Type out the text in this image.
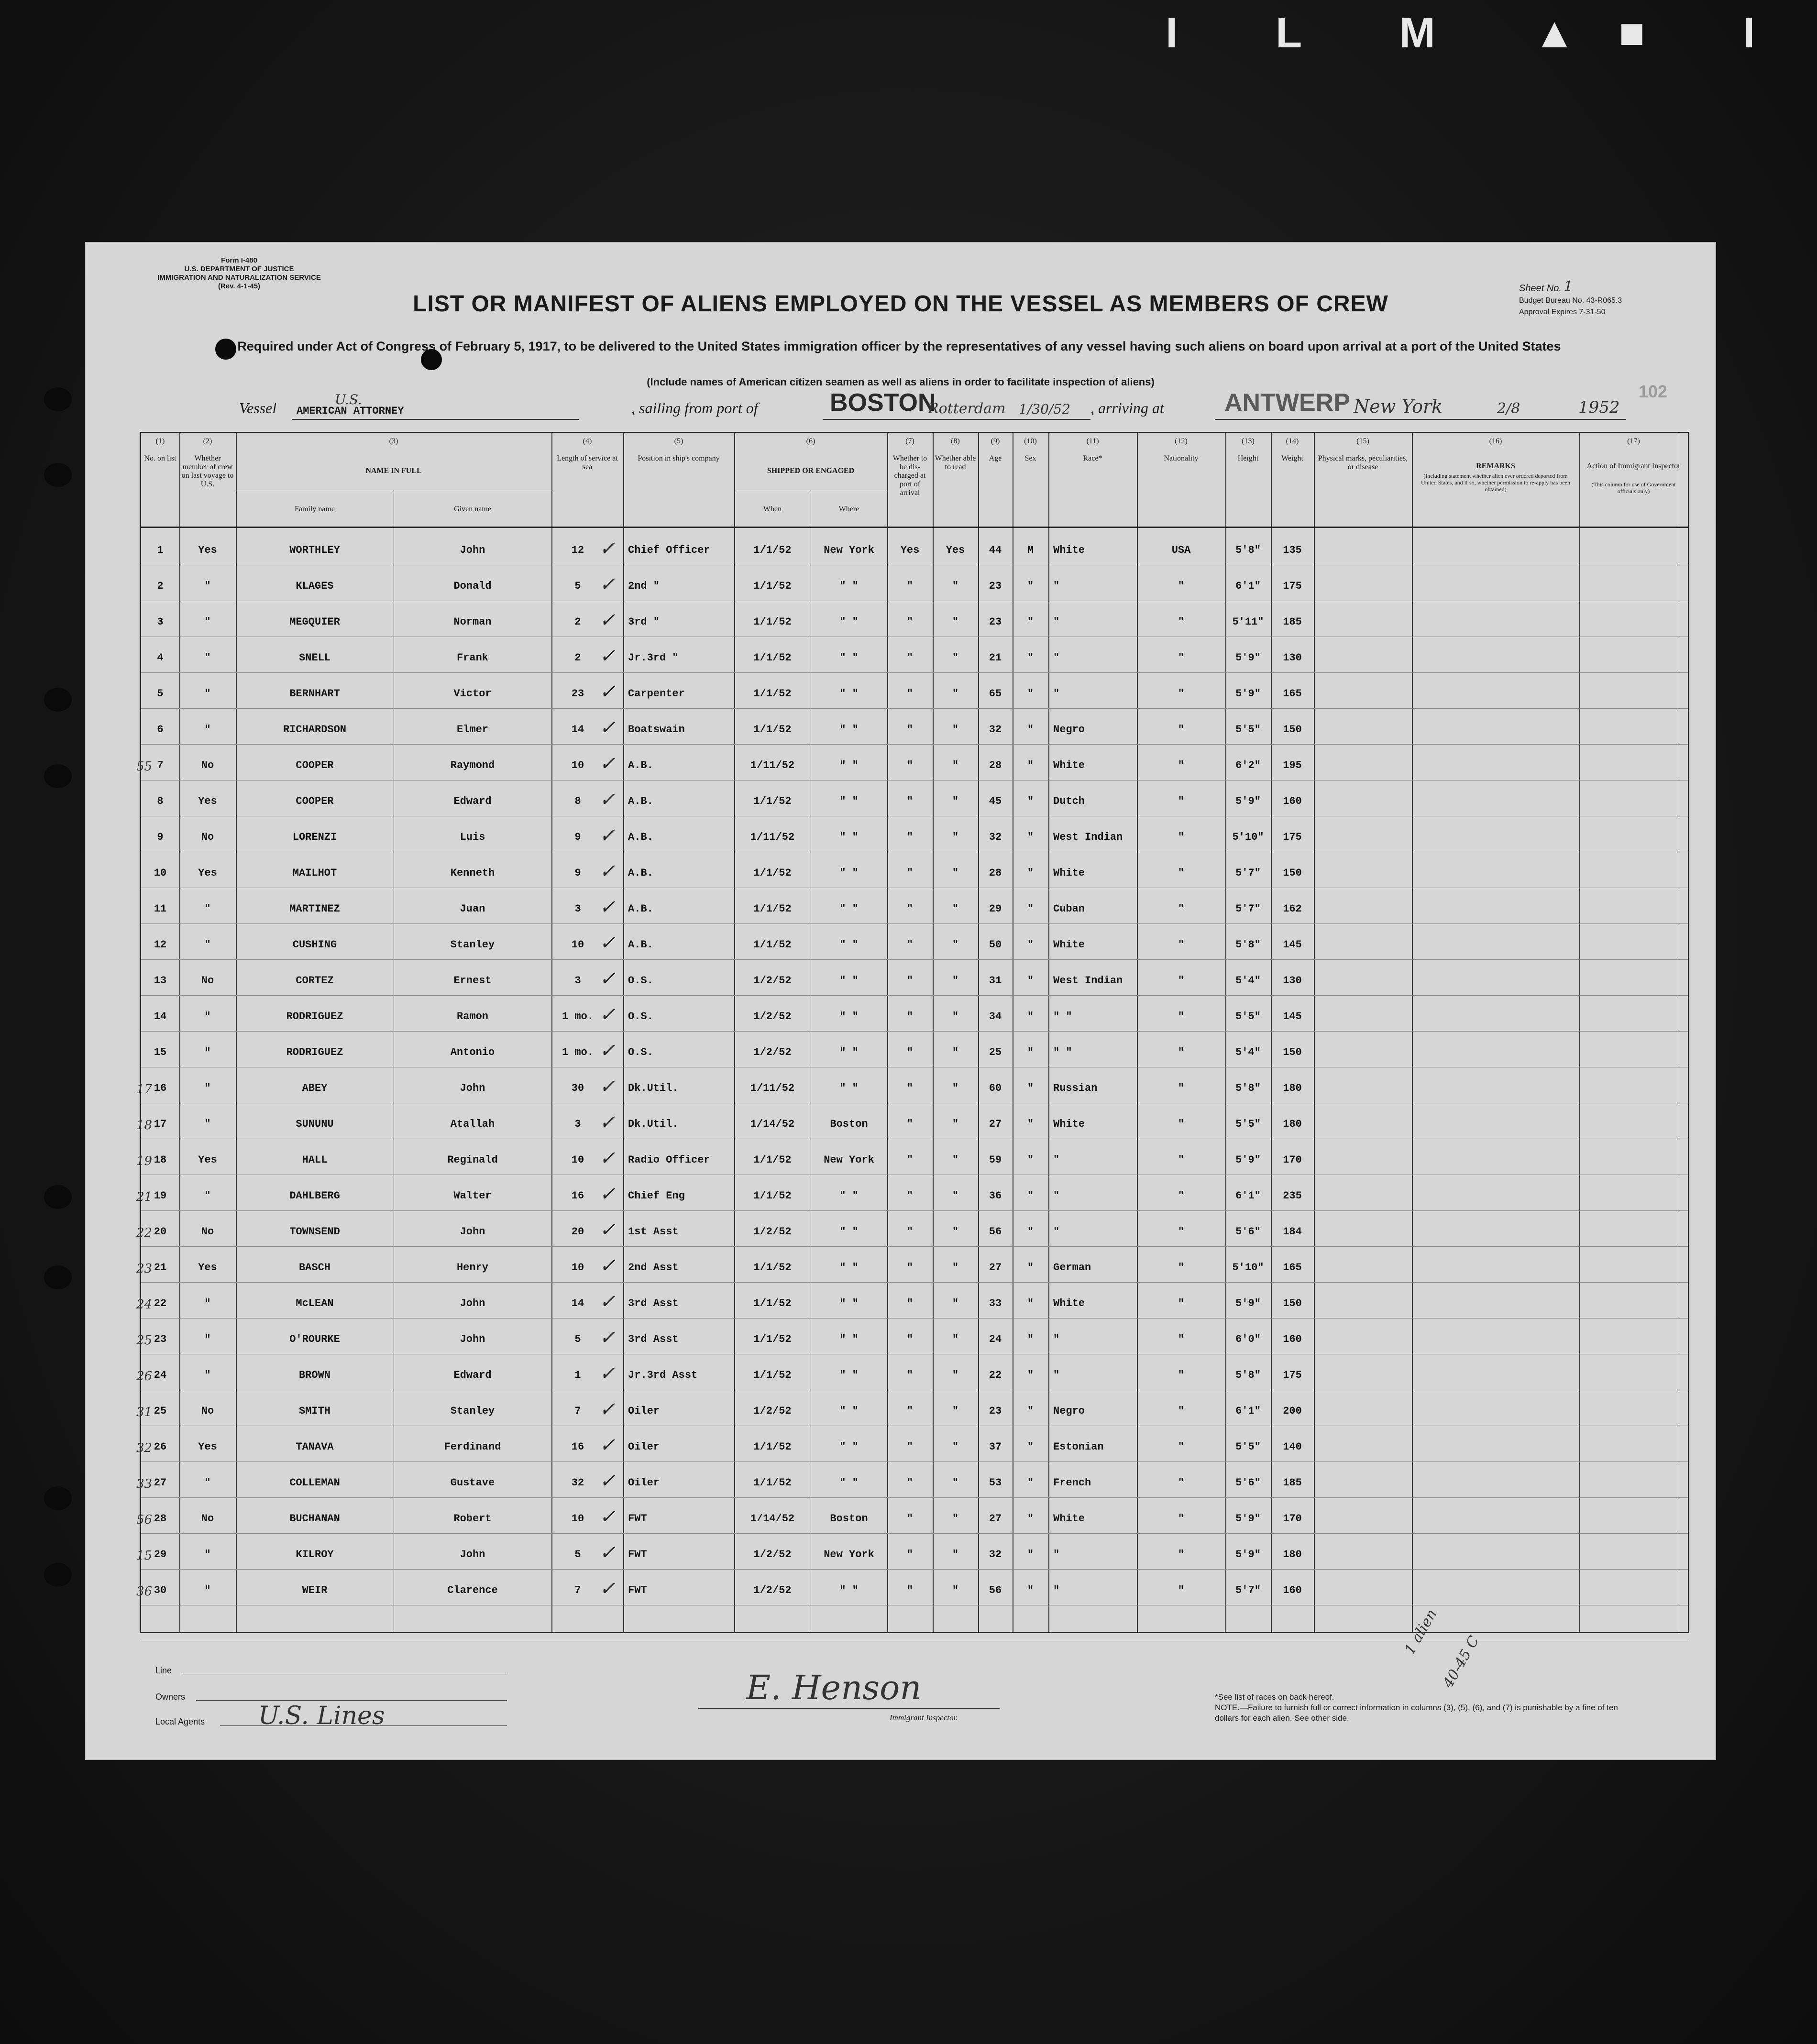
I L M ▲■ I
Form I-480
U.S. DEPARTMENT OF JUSTICE
IMMIGRATION AND NATURALIZATION SERVICE
(Rev. 4-1-45)	Sheet No. 1
Budget Bureau No. 43-R065.3
Approval Expires 7-31-50
102
LIST OR MANIFEST OF ALIENS EMPLOYED ON THE VESSEL AS MEMBERS OF CREW
Required under Act of Congress of February 5, 1917, to be delivered to the United States immigration officer by the representatives of any vessel having such aliens on board upon arrival at a port of the United States
(Include names of American citizen seamen as well as aliens in order to facilitate inspection of aliens)
Vessel	U.S.
AMERICAN ATTORNEY	, sailing from port of	BOSTON
Rotterdam 1/30/52 , arriving at ANTWERP New York	2/8	1952
(1)
No. on list
(2)
Whether member of crew on last voyage to U.S.
(3)
NAME IN FULL
(4)
Length of service at sea
(5)
Position in ship's company
(6)
SHIPPED OR ENGAGED
(7)
Whether to be dis-charged at port of arrival
(8)
Whether able to read
(9)
Age
(10)
Sex
(11)
Race*
(12)
Nationality
(13)
Height
(14)
Weight
(15)
Physical marks, peculiarities, or disease
(16)
REMARKS
(Including statement whether alien ever ordered deported from United States, and if so, whether permission to re-apply has been obtained)
(17)
Action of Immigrant Inspector
(This column for use of Government officials only)
Family name	Given name	When	Where
1	Yes	WORTHLEY	John	12	Chief Officer	1/1/52	New York	Yes	Yes	44	M	White	USA	5'8"	135
✓
2	"	KLAGES	Donald	5	2nd "	1/1/52	" "	"	"	23	"	"	"	6'1"	175
✓
3	"	MEGQUIER	Norman	2	3rd "	1/1/52	" "	"	"	23	"	"	"	5'11"	185
✓
4	"	SNELL	Frank	2	Jr.3rd "	1/1/52	" "	"	"	21	"	"	"	5'9"	130
✓
5	"	BERNHART	Victor	23	Carpenter	1/1/52	" "	"	"	65	"	"	"	5'9"	165
✓
6	"	RICHARDSON	Elmer	14	Boatswain	1/1/52	" "	"	"	32	"	Negro	"	5'5"	150
✓
7	No	COOPER	Raymond	10	A.B.	1/11/52	" "	"	"	28	"	White	"	6'2"	195
✓
55
8	Yes	COOPER	Edward	8	A.B.	1/1/52	" "	"	"	45	"	Dutch	"	5'9"	160
✓
9	No	LORENZI	Luis	9	A.B.	1/11/52	" "	"	"	32	"	West Indian	"	5'10"	175
✓
10	Yes	MAILHOT	Kenneth	9	A.B.	1/1/52	" "	"	"	28	"	White	"	5'7"	150
✓
11	"	MARTINEZ	Juan	3	A.B.	1/1/52	" "	"	"	29	"	Cuban	"	5'7"	162
✓
12	"	CUSHING	Stanley	10	A.B.	1/1/52	" "	"	"	50	"	White	"	5'8"	145
✓
13	No	CORTEZ	Ernest	3	O.S.	1/2/52	" "	"	"	31	"	West Indian	"	5'4"	130
✓
14	"	RODRIGUEZ	Ramon	1 mo.	O.S.	1/2/52	" "	"	"	34	"	" "	"	5'5"	145
✓
15	"	RODRIGUEZ	Antonio	1 mo.	O.S.	1/2/52	" "	"	"	25	"	" "	"	5'4"	150
✓
16	"	ABEY	John	30	Dk.Util.	1/11/52	" "	"	"	60	"	Russian	"	5'8"	180
✓
17
17	"	SUNUNU	Atallah	3	Dk.Util.	1/14/52	Boston	"	"	27	"	White	"	5'5"	180
✓
18
18	Yes	HALL	Reginald	10	Radio Officer	1/1/52	New York	"	"	59	"	"	"	5'9"	170
✓
19
19	"	DAHLBERG	Walter	16	Chief Eng	1/1/52	" "	"	"	36	"	"	"	6'1"	235
✓
21
20	No	TOWNSEND	John	20	1st Asst	1/2/52	" "	"	"	56	"	"	"	5'6"	184
✓
22
21	Yes	BASCH	Henry	10	2nd Asst	1/1/52	" "	"	"	27	"	German	"	5'10"	165
✓
23
22	"	McLEAN	John	14	3rd Asst	1/1/52	" "	"	"	33	"	White	"	5'9"	150
✓
24
23	"	O'ROURKE	John	5	3rd Asst	1/1/52	" "	"	"	24	"	"	"	6'0"	160
✓
25
24	"	BROWN	Edward	1	Jr.3rd Asst	1/1/52	" "	"	"	22	"	"	"	5'8"	175
✓
26
25	No	SMITH	Stanley	7	Oiler	1/2/52	" "	"	"	23	"	Negro	"	6'1"	200
✓
31
26	Yes	TANAVA	Ferdinand	16	Oiler	1/1/52	" "	"	"	37	"	Estonian	"	5'5"	140
✓
32
27	"	COLLEMAN	Gustave	32	Oiler	1/1/52	" "	"	"	53	"	French	"	5'6"	185
✓
33
28	No	BUCHANAN	Robert	10	FWT	1/14/52	Boston	"	"	27	"	White	"	5'9"	170
✓
56
29	"	KILROY	John	5	FWT	1/2/52	New York	"	"	32	"	"	"	5'9"	180
✓
15
30	"	WEIR	Clarence	7	FWT	1/2/52	" "	"	"	56	"	"	"	5'7"	160
✓
36
Line
Owners
Local Agents U.S. Lines
E. Henson
Immigrant Inspector.
*See list of races on back hereof.
NOTE.—Failure to furnish full or correct information in columns (3), (5), (6), and (7) is punishable by a fine of ten dollars for each alien. See other side.
1 alien
40-45 C
